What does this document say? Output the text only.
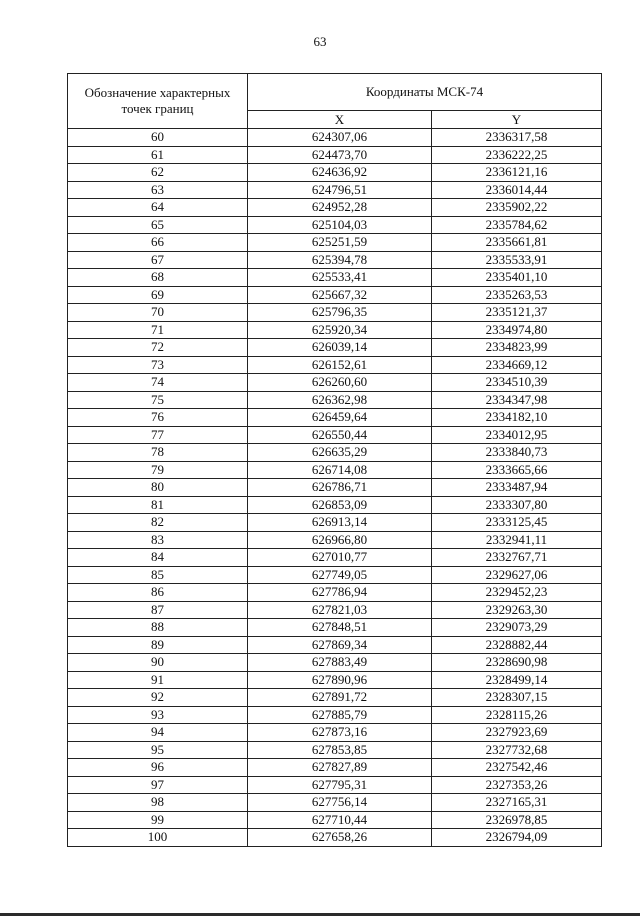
63
Обозначение характерных точек границ	Координаты МСК-74	
	X	Y
60	624307,06	2336317,58
61	624473,70	2336222,25
62	624636,92	2336121,16
63	624796,51	2336014,44
64	624952,28	2335902,22
65	625104,03	2335784,62
66	625251,59	2335661,81
67	625394,78	2335533,91
68	625533,41	2335401,10
69	625667,32	2335263,53
70	625796,35	2335121,37
71	625920,34	2334974,80
72	626039,14	2334823,99
73	626152,61	2334669,12
74	626260,60	2334510,39
75	626362,98	2334347,98
76	626459,64	2334182,10
77	626550,44	2334012,95
78	626635,29	2333840,73
79	626714,08	2333665,66
80	626786,71	2333487,94
81	626853,09	2333307,80
82	626913,14	2333125,45
83	626966,80	2332941,11
84	627010,77	2332767,71
85	627749,05	2329627,06
86	627786,94	2329452,23
87	627821,03	2329263,30
88	627848,51	2329073,29
89	627869,34	2328882,44
90	627883,49	2328690,98
91	627890,96	2328499,14
92	627891,72	2328307,15
93	627885,79	2328115,26
94	627873,16	2327923,69
95	627853,85	2327732,68
96	627827,89	2327542,46
97	627795,31	2327353,26
98	627756,14	2327165,31
99	627710,44	2326978,85
100	627658,26	2326794,09
